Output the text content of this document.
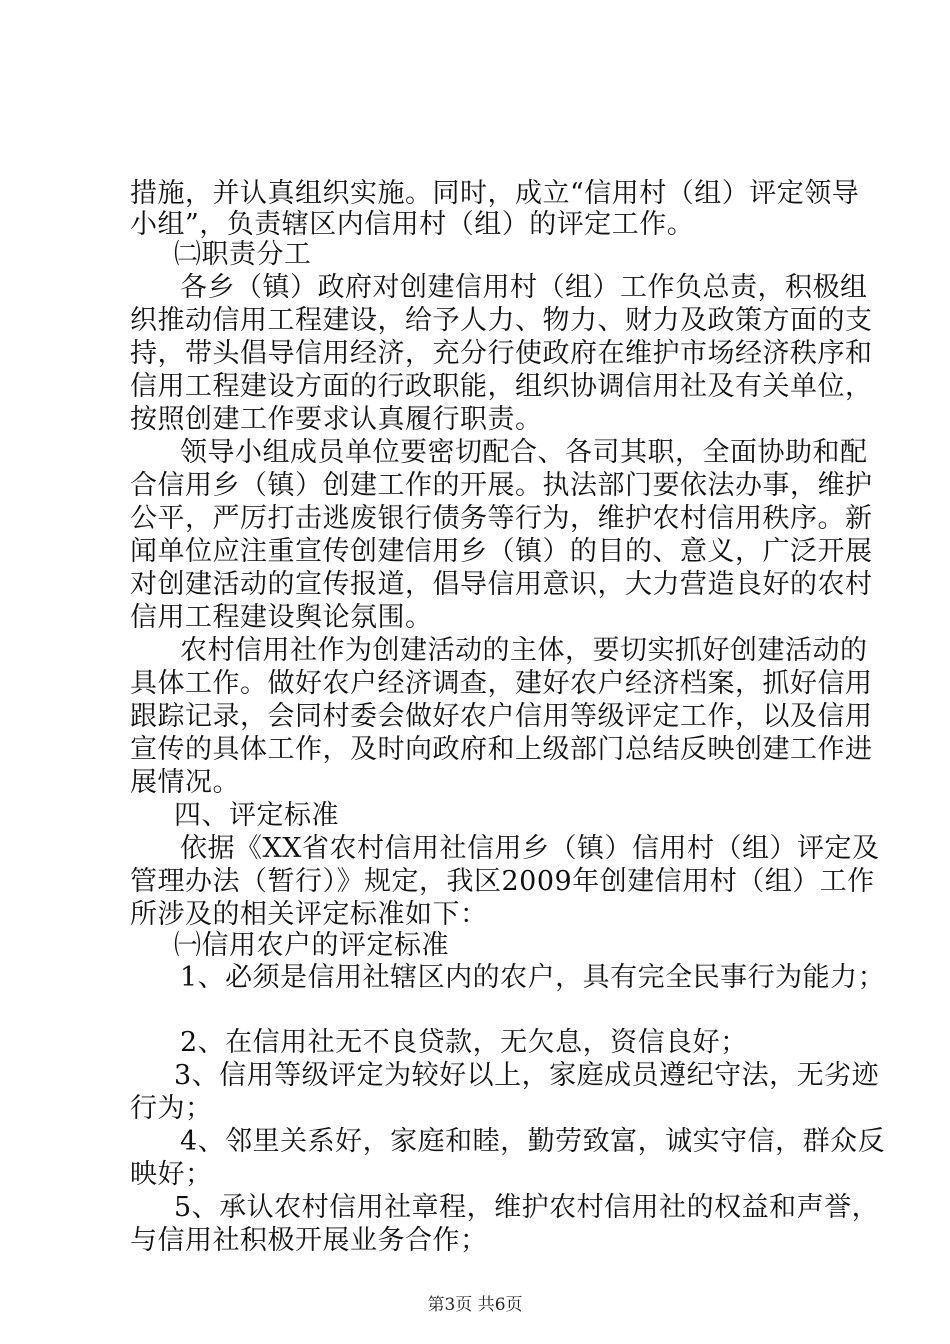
措施，并认真组织实施。同时，成立“信用村（组）评定领导
小组”，负责辖区内信用村（组）的评定工作。
㈡职责分工
各乡（镇）政府对创建信用村（组）工作负总责，积极组
织推动信用工程建设，给予人力、物力、财力及政策方面的支
持，带头倡导信用经济，充分行使政府在维护市场经济秩序和
信用工程建设方面的行政职能，组织协调信用社及有关单位，
按照创建工作要求认真履行职责。
领导小组成员单位要密切配合、各司其职，全面协助和配
合信用乡（镇）创建工作的开展。执法部门要依法办事，维护
公平，严厉打击逃废银行债务等行为，维护农村信用秩序。新
闻单位应注重宣传创建信用乡（镇）的目的、意义，广泛开展
对创建活动的宣传报道，倡导信用意识，大力营造良好的农村
信用工程建设舆论氛围。
农村信用社作为创建活动的主体，要切实抓好创建活动的
具体工作。做好农户经济调查，建好农户经济档案，抓好信用
跟踪记录，会同村委会做好农户信用等级评定工作，以及信用
宣传的具体工作，及时向政府和上级部门总结反映创建工作进
展情况。
四、评定标准
依据《XX省农村信用社信用乡（镇）信用村（组）评定及
管理办法（暂行）》规定，我区2009年创建信用村（组）工作
所涉及的相关评定标准如下：
㈠信用农户的评定标准
1、必须是信用社辖区内的农户，具有完全民事行为能力；
2、在信用社无不良贷款，无欠息，资信良好；
3、信用等级评定为较好以上，家庭成员遵纪守法，无劣迹
行为；
4、邻里关系好，家庭和睦，勤劳致富，诚实守信，群众反
映好；
5、承认农村信用社章程，维护农村信用社的权益和声誉，
与信用社积极开展业务合作；
第3页 共6页
